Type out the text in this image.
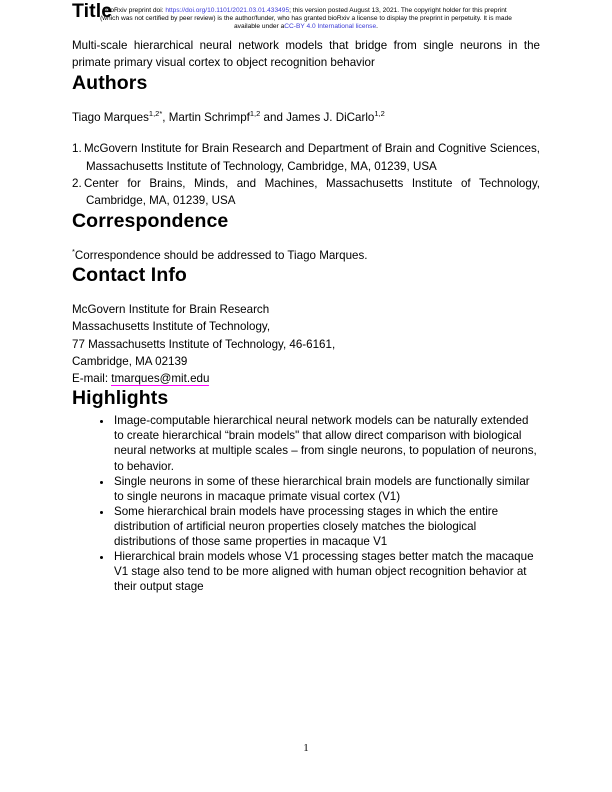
bioRxiv preprint doi: https://doi.org/10.1101/2021.03.01.433495; this version posted August 13, 2021. The copyright holder for this preprint
(which was not certified by peer review) is the author/funder, who has granted bioRxiv a license to display the preprint in perpetuity. It is made
available under aCC-BY 4.0 International license.
Title

Multi-scale hierarchical neural network models that bridge from single neurons in the primate primary visual cortex to object recognition behavior

Authors

Tiago Marques$^{1,2*}$, Martin Schrimpf$^{1,2}$ and James J. DiCarlo$^{1,2}$

1. McGovern Institute for Brain Research and Department of Brain and Cognitive Sciences, Massachusetts Institute of Technology, Cambridge, MA, 01239, USA
2. Center for Brains, Minds, and Machines, Massachusetts Institute of Technology, Cambridge, MA, 01239, USA
Correspondence

*Correspondence should be addressed to Tiago Marques.

Contact Info
McGovern Institute for Brain Research
Massachusetts Institute of Technology,
77 Massachusetts Institute of Technology, 46-6161,
Cambridge, MA 02139
E-mail: tmarques@mit.edu
Highlights
• Image-computable hierarchical neural network models can be naturally extended to create hierarchical “brain models" that allow direct comparison with biological neural networks at multiple scales – from single neurons, to population of neurons, to behavior.
• Single neurons in some of these hierarchical brain models are functionally similar to single neurons in macaque primate visual cortex (V1)
• Some hierarchical brain models have processing stages in which the entire distribution of artificial neuron properties closely matches the biological distributions of those same properties in macaque V1
• Hierarchical brain models whose V1 processing stages better match the macaque V1 stage also tend to be more aligned with human object recognition behavior at their output stage
1
